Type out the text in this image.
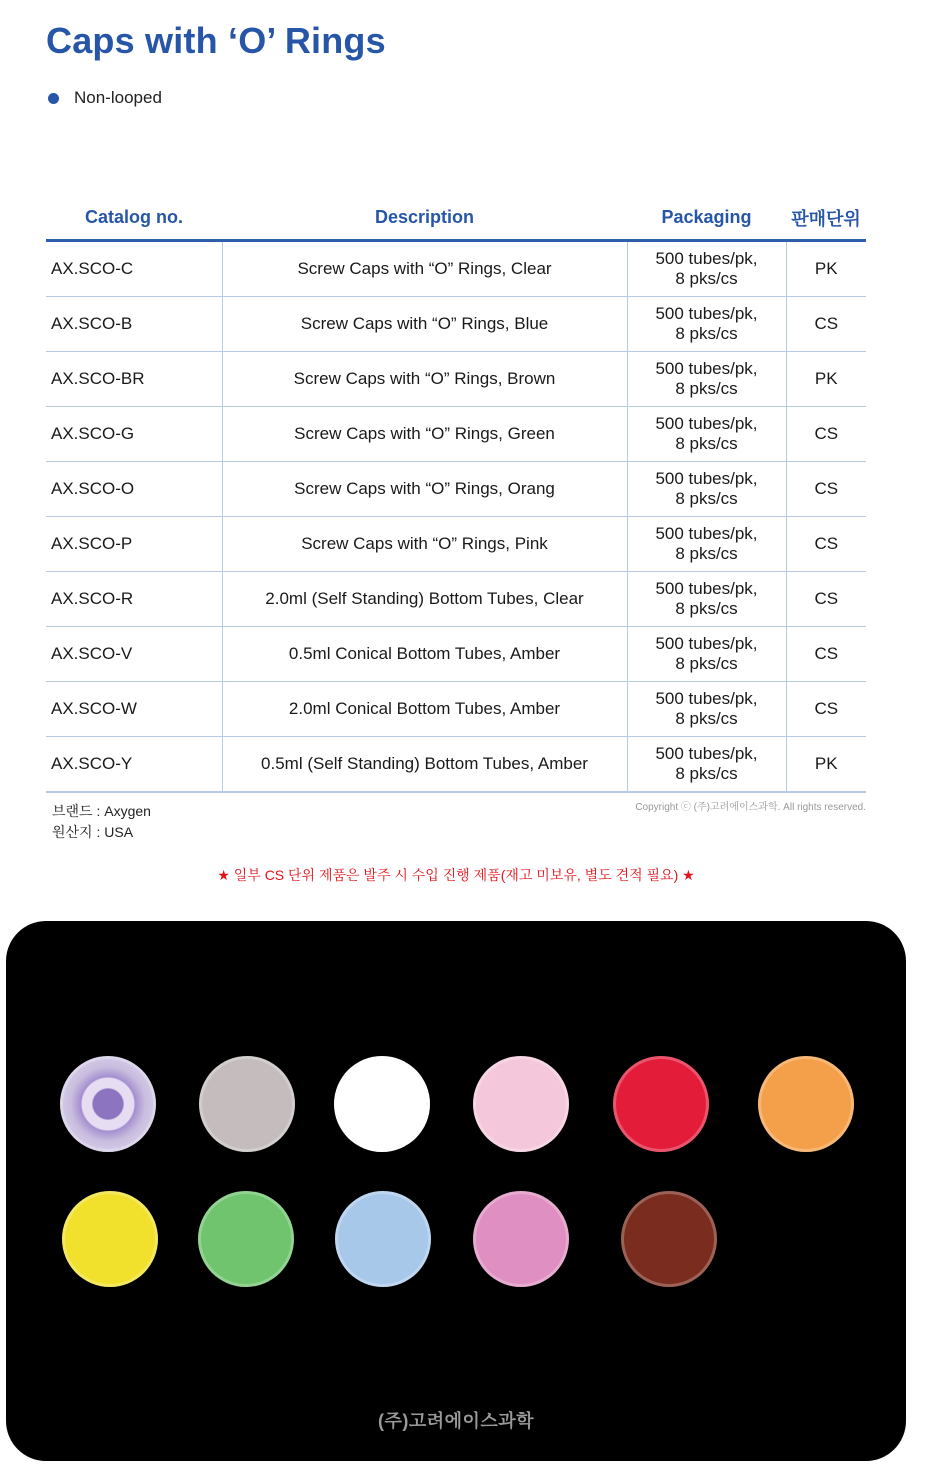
Caps with ‘O’ Rings
Non-looped
Catalog no.	Description	Packaging	판매단위
AX.SCO-C	Screw Caps with “O” Rings, Clear	500 tubes/pk,
8 pks/cs	PK
AX.SCO-B	Screw Caps with “O” Rings, Blue	500 tubes/pk,
8 pks/cs	CS
AX.SCO-BR	Screw Caps with “O” Rings, Brown	500 tubes/pk,
8 pks/cs	PK
AX.SCO-G	Screw Caps with “O” Rings, Green	500 tubes/pk,
8 pks/cs	CS
AX.SCO-O	Screw Caps with “O” Rings, Orang	500 tubes/pk,
8 pks/cs	CS
AX.SCO-P	Screw Caps with “O” Rings, Pink	500 tubes/pk,
8 pks/cs	CS
AX.SCO-R	2.0ml (Self Standing) Bottom Tubes, Clear	500 tubes/pk,
8 pks/cs	CS
AX.SCO-V	0.5ml Conical Bottom Tubes, Amber	500 tubes/pk,
8 pks/cs	CS
AX.SCO-W	2.0ml Conical Bottom Tubes, Amber	500 tubes/pk,
8 pks/cs	CS
AX.SCO-Y	0.5ml (Self Standing) Bottom Tubes, Amber	500 tubes/pk,
8 pks/cs	PK
브랜드 : Axygen
원산지 : USA
Copyright ⓒ (주)고려에이스과학. All rights reserved.
★ 일부 CS 단위 제품은 발주 시 수입 진행 제품(재고 미보유, 별도 견적 필요) ★
(주)고려에이스과학
